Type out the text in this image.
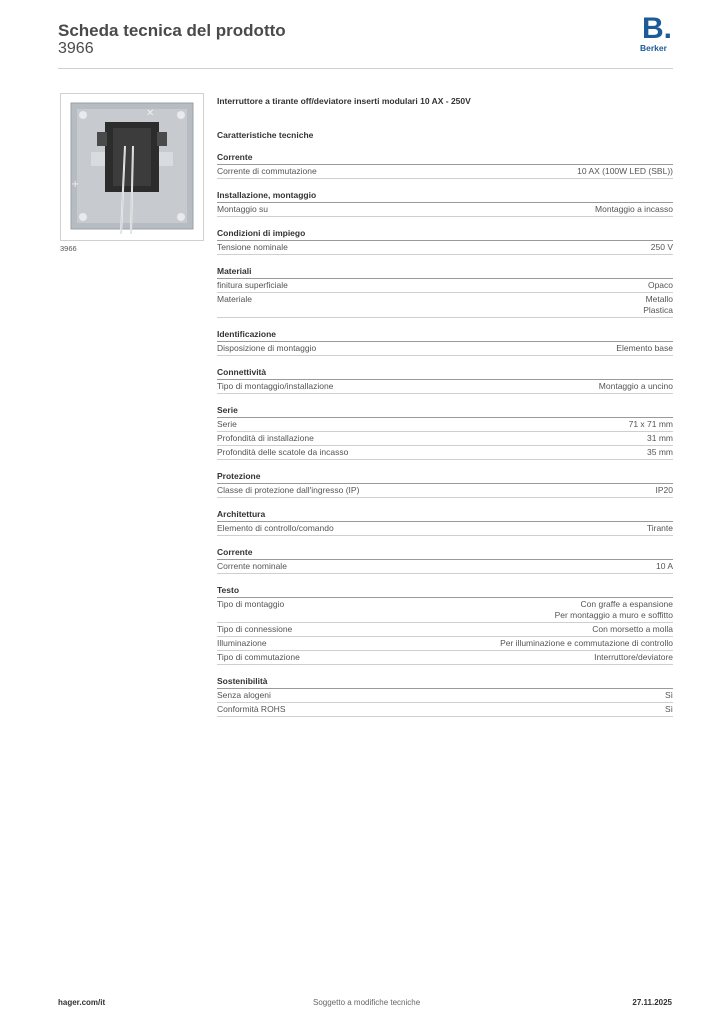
Scheda tecnica del prodotto
3966
B.
Berker
✕
+
3966
Interruttore a tirante off/deviatore inserti modulari 10 AX - 250V
Caratteristiche tecniche
Corrente
Corrente di commutazione	10 AX (100W LED (SBL))
Installazione, montaggio
Montaggio su	Montaggio a incasso
Condizioni di impiego
Tensione nominale	250 V
Materiali
finitura superficiale	Opaco
Materiale	Metallo
Plastica
Identificazione
Disposizione di montaggio	Elemento base
Connettività
Tipo di montaggio/installazione	Montaggio a uncino
Serie
Serie	71 x 71 mm
Profondità di installazione	31 mm
Profondità delle scatole da incasso	35 mm
Protezione
Classe di protezione dall'ingresso (IP)	IP20
Architettura
Elemento di controllo/comando	Tirante
Corrente
Corrente nominale	10 A
Testo
Tipo di montaggio	Con graffe a espansione
Per montaggio a muro e soffitto
Tipo di connessione	Con morsetto a molla
Illuminazione	Per illuminazione e commutazione di controllo
Tipo di commutazione	Interruttore/deviatore
Sostenibilità
Senza alogeni	Sì
Conformità ROHS	Sì
hager.com/it	Soggetto a modifiche tecniche	27.11.2025
